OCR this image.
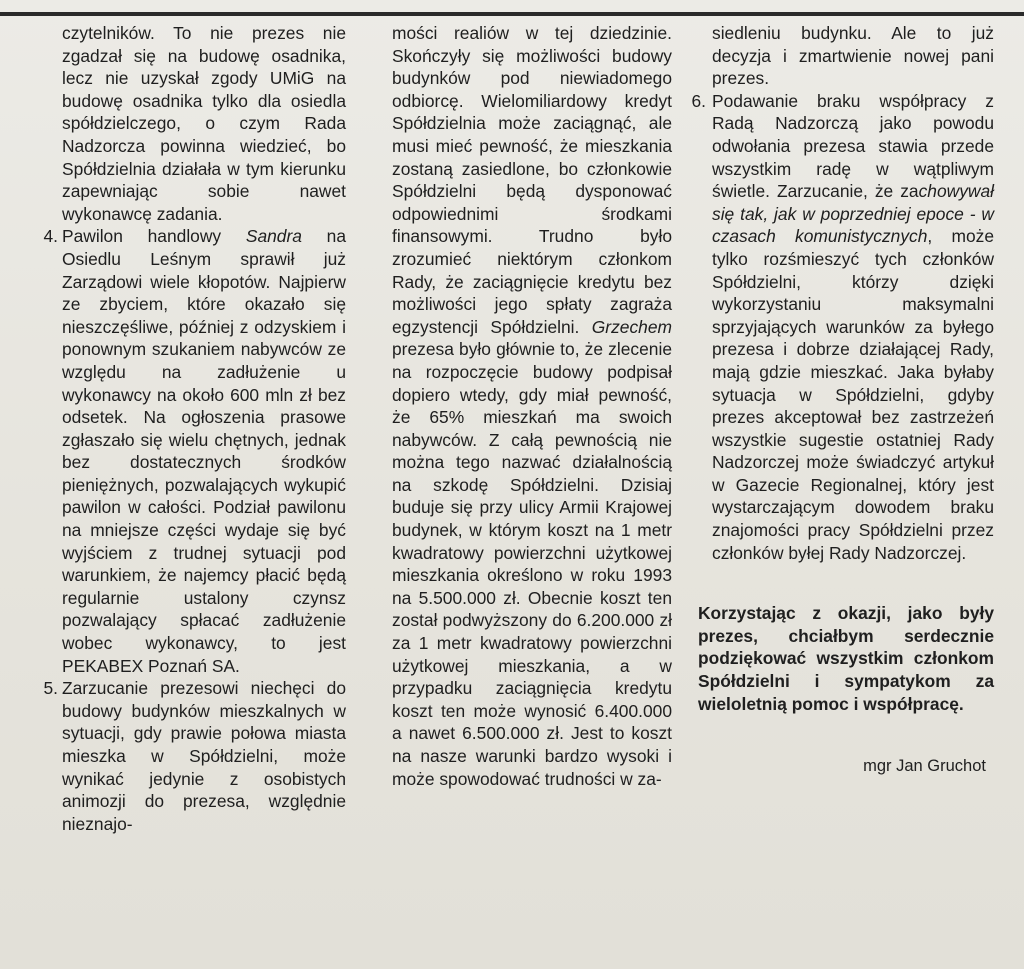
czytelników. To nie prezes nie zgadzał się na budowę osadnika, lecz nie uzyskał zgody UMiG na budowę osadnika tylko dla osiedla spółdzielczego, o czym Rada Nadzorcza powinna wiedzieć, bo Spółdzielnia działała w tym kierunku zapewniając sobie nawet wykonawcę zadania.

4. Pawilon handlowy Sandra na Osiedlu Leśnym sprawił już Zarządowi wiele kłopotów. Najpierw ze zbyciem, które okazało się nieszczęśliwe, później z odzyskiem i ponownym szukaniem nabywców ze względu na zadłużenie u wykonawcy na około 600 mln zł bez odsetek. Na ogłoszenia prasowe zgłaszało się wielu chętnych, jednak bez dostatecznych środków pieniężnych, pozwalających wykupić pawilon w całości. Podział pawilonu na mniejsze części wydaje się być wyjściem z trudnej sytuacji pod warunkiem, że najemcy płacić będą regularnie ustalony czynsz pozwalający spłacać zadłużenie wobec wykonawcy, to jest PEKABEX Poznań SA.

5. Zarzucanie prezesowi niechęci do budowy budynków mieszkalnych w sytuacji, gdy prawie połowa miasta mieszka w Spółdzielni, może wynikać jedynie z osobistych animozji do prezesa, względnie nieznajo-

mości realiów w tej dziedzinie. Skończyły się możliwości budowy budynków pod niewiadomego odbiorcę. Wielomiliardowy kredyt Spółdzielnia może zaciągnąć, ale musi mieć pewność, że mieszkania zostaną zasiedlone, bo członkowie Spółdzielni będą dysponować odpowiednimi środkami finansowymi. Trudno było zrozumieć niektórym członkom Rady, że zaciągnięcie kredytu bez możliwości jego spłaty zagraża egzystencji Spółdzielni. Grzechem prezesa było głównie to, że zlecenie na rozpoczęcie budowy podpisał dopiero wtedy, gdy miał pewność, że 65% mieszkań ma swoich nabywców. Z całą pewnością nie można tego nazwać działalnością na szkodę Spółdzielni. Dzisiaj buduje się przy ulicy Armii Krajowej budynek, w którym koszt na 1 metr kwadratowy powierzchni użytkowej mieszkania określono w roku 1993 na 5.500.000 zł. Obecnie koszt ten został podwyższony do 6.200.000 zł za 1 metr kwadratowy powierzchni użytkowej mieszkania, a w przypadku zaciągnięcia kredytu koszt ten może wynosić 6.400.000 a nawet 6.500.000 zł. Jest to koszt na nasze warunki bardzo wysoki i może spowodować trudności w za-

siedleniu budynku. Ale to już decyzja i zmartwienie nowej pani prezes.

6. Podawanie braku współpracy z Radą Nadzorczą jako powodu odwołania prezesa stawia przede wszystkim radę w wątpliwym świetle. Zarzucanie, że zachowywał się tak, jak w poprzedniej epoce - w czasach komunistycznych, może tylko rozśmieszyć tych członków Spółdzielni, którzy dzięki wykorzystaniu maksymalni sprzyjających warunków za byłego prezesa i dobrze działającej Rady, mają gdzie mieszkać. Jaka byłaby sytuacja w Spółdzielni, gdyby prezes akceptował bez zastrzeżeń wszystkie sugestie ostatniej Rady Nadzorczej może świadczyć artykuł w Gazecie Regionalnej, który jest wystarczającym dowodem braku znajomości pracy Spółdzielni przez członków byłej Rady Nadzorczej.

Korzystając z okazji, jako były prezes, chciałbym serdecznie podziękować wszystkim członkom Spółdzielni i sympatykom za wieloletnią pomoc i współpracę.

mgr Jan Gruchot
